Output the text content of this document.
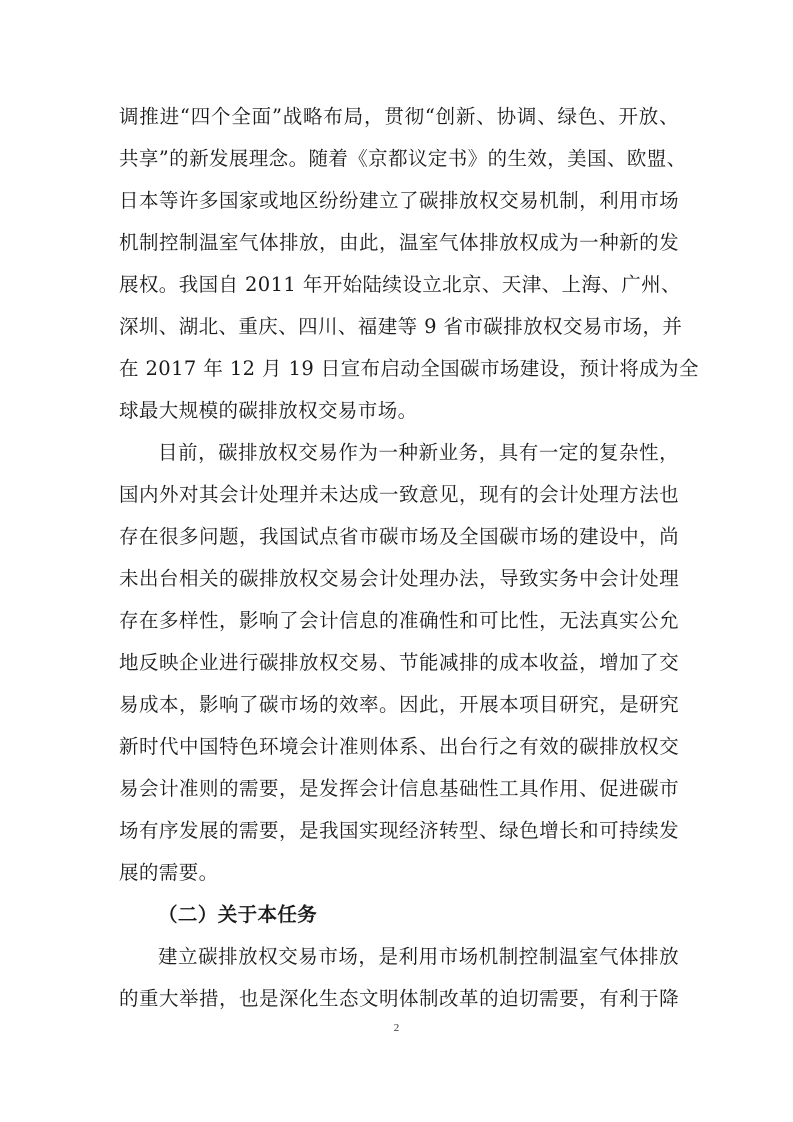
调推进“四个全面”战略布局，贯彻“创新、协调、绿色、开放、
共享”的新发展理念。随着《京都议定书》的生效，美国、欧盟、
日本等许多国家或地区纷纷建立了碳排放权交易机制，利用市场
机制控制温室气体排放，由此，温室气体排放权成为一种新的发
展权。我国自 2011 年开始陆续设立北京、天津、上海、广州、
深圳、湖北、重庆、四川、福建等 9 省市碳排放权交易市场，并
在 2017 年 12 月 19 日宣布启动全国碳市场建设，预计将成为全
球最大规模的碳排放权交易市场。
目前，碳排放权交易作为一种新业务，具有一定的复杂性，
国内外对其会计处理并未达成一致意见，现有的会计处理方法也
存在很多问题，我国试点省市碳市场及全国碳市场的建设中，尚
未出台相关的碳排放权交易会计处理办法，导致实务中会计处理
存在多样性，影响了会计信息的准确性和可比性，无法真实公允
地反映企业进行碳排放权交易、节能减排的成本收益，增加了交
易成本，影响了碳市场的效率。因此，开展本项目研究，是研究
新时代中国特色环境会计准则体系、出台行之有效的碳排放权交
易会计准则的需要，是发挥会计信息基础性工具作用、促进碳市
场有序发展的需要，是我国实现经济转型、绿色增长和可持续发
展的需要。
（二）关于本任务
建立碳排放权交易市场，是利用市场机制控制温室气体排放
的重大举措，也是深化生态文明体制改革的迫切需要，有利于降
2
